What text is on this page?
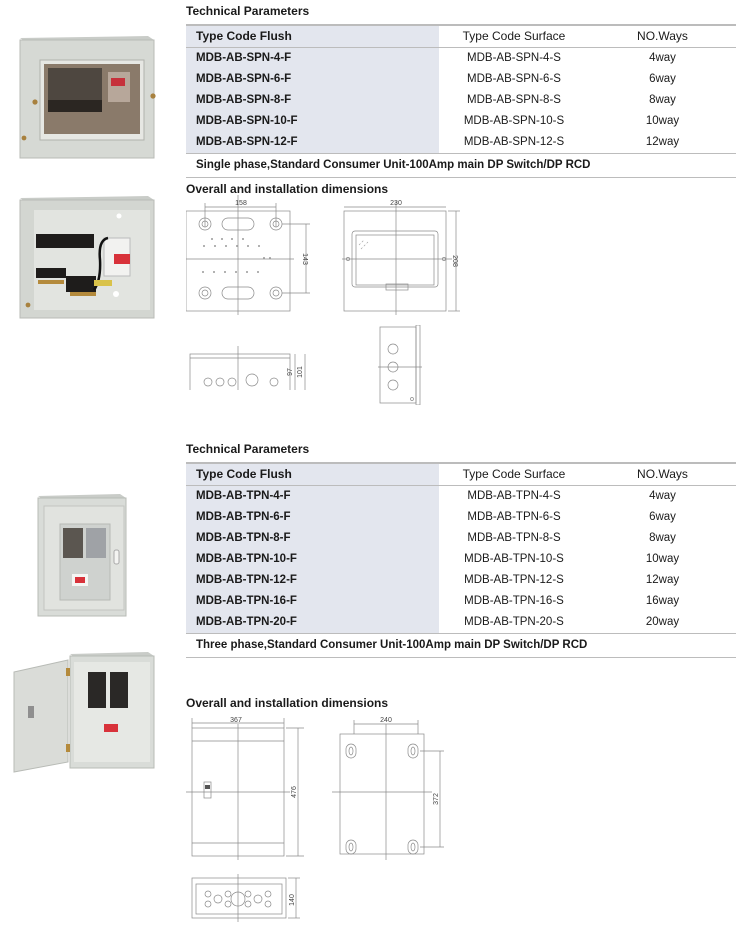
Technical Parameters
Type Code Flush	Type Code Surface	NO.Ways
MDB-AB-SPN-4-F	MDB-AB-SPN-4-S	4way
MDB-AB-SPN-6-F	MDB-AB-SPN-6-S	6way
MDB-AB-SPN-8-F	MDB-AB-SPN-8-S	8way
MDB-AB-SPN-10-F	MDB-AB-SPN-10-S	10way
MDB-AB-SPN-12-F	MDB-AB-SPN-12-S	12way
Single phase,Standard Consumer Unit-100Amp main DP Switch/DP RCD		
Overall and installation dimensions
158
143
230
208
97 101
Technical Parameters
Type Code Flush	Type Code Surface	NO.Ways
MDB-AB-TPN-4-F	MDB-AB-TPN-4-S	4way
MDB-AB-TPN-6-F	MDB-AB-TPN-6-S	6way
MDB-AB-TPN-8-F	MDB-AB-TPN-8-S	8way
MDB-AB-TPN-10-F	MDB-AB-TPN-10-S	10way
MDB-AB-TPN-12-F	MDB-AB-TPN-12-S	12way
MDB-AB-TPN-16-F	MDB-AB-TPN-16-S	16way
MDB-AB-TPN-20-F	MDB-AB-TPN-20-S	20way
Three phase,Standard Consumer Unit-100Amp main DP Switch/DP RCD		
Overall and installation dimensions
367
476
240
372
140
